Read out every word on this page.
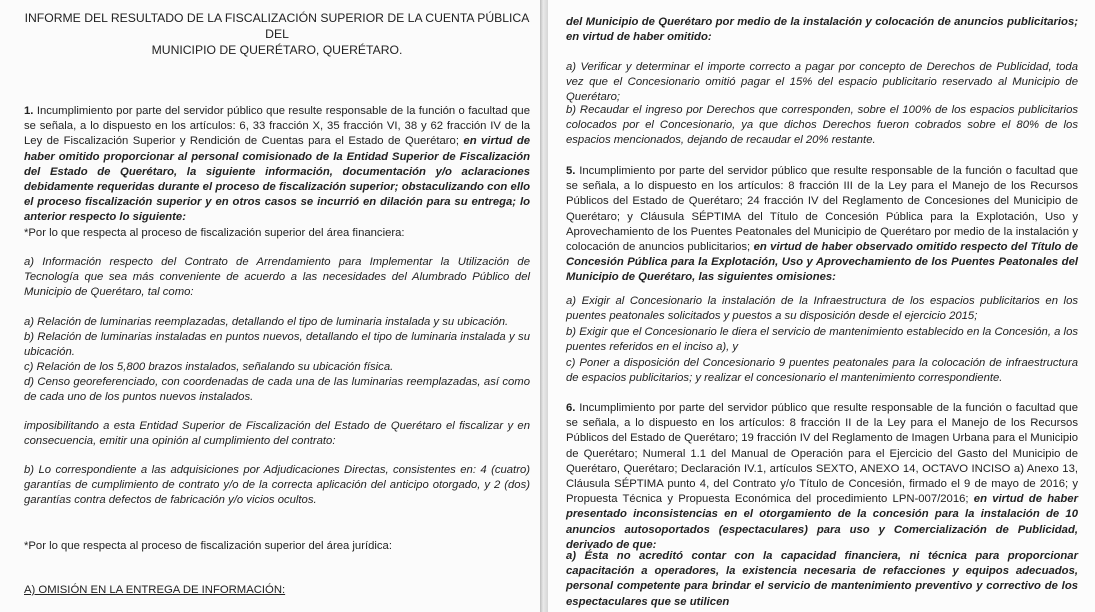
INFORME DEL RESULTADO DE LA FISCALIZACIÓN SUPERIOR DE LA CUENTA PÚBLICA DEL
MUNICIPIO DE QUERÉTARO, QUERÉTARO.

1. Incumplimiento por parte del servidor público que resulte responsable de la función o facultad que se señala, a lo dispuesto en los artículos: 6, 33 fracción X, 35 fracción VI, 38 y 62 fracción IV de la Ley de Fiscalización Superior y Rendición de Cuentas para el Estado de Querétaro; en virtud de haber omitido proporcionar al personal comisionado de la Entidad Superior de Fiscalización del Estado de Querétaro, la siguiente información, documentación y/o aclaraciones debidamente requeridas durante el proceso de fiscalización superior; obstaculizando con ello el proceso fiscalización superior y en otros casos se incurrió en dilación para su entrega; lo anterior respecto lo siguiente:

*Por lo que respecta al proceso de fiscalización superior del área financiera:

a) Información respecto del Contrato de Arrendamiento para Implementar la Utilización de Tecnología que sea más conveniente de acuerdo a las necesidades del Alumbrado Público del Municipio de Querétaro, tal como:

a) Relación de luminarias reemplazadas, detallando el tipo de luminaria instalada y su ubicación.

b) Relación de luminarias instaladas en puntos nuevos, detallando el tipo de luminaria instalada y su ubicación.

c) Relación de los 5,800 brazos instalados, señalando su ubicación física.

d) Censo georeferenciado, con coordenadas de cada una de las luminarias reemplazadas, así como de cada uno de los puntos nuevos instalados.

imposibilitando a esta Entidad Superior de Fiscalización del Estado de Querétaro el fiscalizar y en consecuencia, emitir una opinión al cumplimiento del contrato:

b) Lo correspondiente a las adquisiciones por Adjudicaciones Directas, consistentes en: 4 (cuatro) garantías de cumplimiento de contrato y/o de la correcta aplicación del anticipo otorgado, y 2 (dos) garantías contra defectos de fabricación y/o vicios ocultos.

*Por lo que respecta al proceso de fiscalización superior del área jurídica:

A) OMISIÓN EN LA ENTREGA DE INFORMACIÓN:

del Municipio de Querétaro por medio de la instalación y colocación de anuncios publicitarios; en virtud de haber omitido:

a) Verificar y determinar el importe correcto a pagar por concepto de Derechos de Publicidad, toda vez que el Concesionario omitió pagar el 15% del espacio publicitario reservado al Municipio de Querétaro;

b) Recaudar el ingreso por Derechos que corresponden, sobre el 100% de los espacios publicitarios colocados por el Concesionario, ya que dichos Derechos fueron cobrados sobre el 80% de los espacios mencionados, dejando de recaudar el 20% restante.

5. Incumplimiento por parte del servidor público que resulte responsable de la función o facultad que se señala, a lo dispuesto en los artículos: 8 fracción III de la Ley para el Manejo de los Recursos Públicos del Estado de Querétaro; 24 fracción IV del Reglamento de Concesiones del Municipio de Querétaro; y Cláusula SÉPTIMA del Título de Concesión Pública para la Explotación, Uso y Aprovechamiento de los Puentes Peatonales del Municipio de Querétaro por medio de la instalación y colocación de anuncios publicitarios; en virtud de haber observado omitido respecto del Título de Concesión Pública para la Explotación, Uso y Aprovechamiento de los Puentes Peatonales del Municipio de Querétaro, las siguientes omisiones:

a) Exigir al Concesionario la instalación de la Infraestructura de los espacios publicitarios en los puentes peatonales solicitados y puestos a su disposición desde el ejercicio 2015;

b) Exigir que el Concesionario le diera el servicio de mantenimiento establecido en la Concesión, a los puentes referidos en el inciso a), y

c) Poner a disposición del Concesionario 9 puentes peatonales para la colocación de infraestructura de espacios publicitarios; y realizar el concesionario el mantenimiento correspondiente.

6. Incumplimiento por parte del servidor público que resulte responsable de la función o facultad que se señala, a lo dispuesto en los artículos: 8 fracción II de la Ley para el Manejo de los Recursos Públicos del Estado de Querétaro; 19 fracción IV del Reglamento de Imagen Urbana para el Municipio de Querétaro; Numeral 1.1 del Manual de Operación para el Ejercicio del Gasto del Municipio de Querétaro, Querétaro; Declaración IV.1, artículos SEXTO, ANEXO 14, OCTAVO INCISO a) Anexo 13, Cláusula SÉPTIMA punto 4, del Contrato y/o Título de Concesión, firmado el 9 de mayo de 2016; y Propuesta Técnica y Propuesta Económica del procedimiento LPN-007/2016; en virtud de haber presentado inconsistencias en el otorgamiento de la concesión para la instalación de 10 anuncios autosoportados (espectaculares) para uso y Comercialización de Publicidad, derivado de que:

a) Ésta no acreditó contar con la capacidad financiera, ni técnica para proporcionar capacitación a operadores, la existencia necesaria de refacciones y equipos adecuados, personal competente para brindar el servicio de mantenimiento preventivo y correctivo de los espectaculares que se utilicen
